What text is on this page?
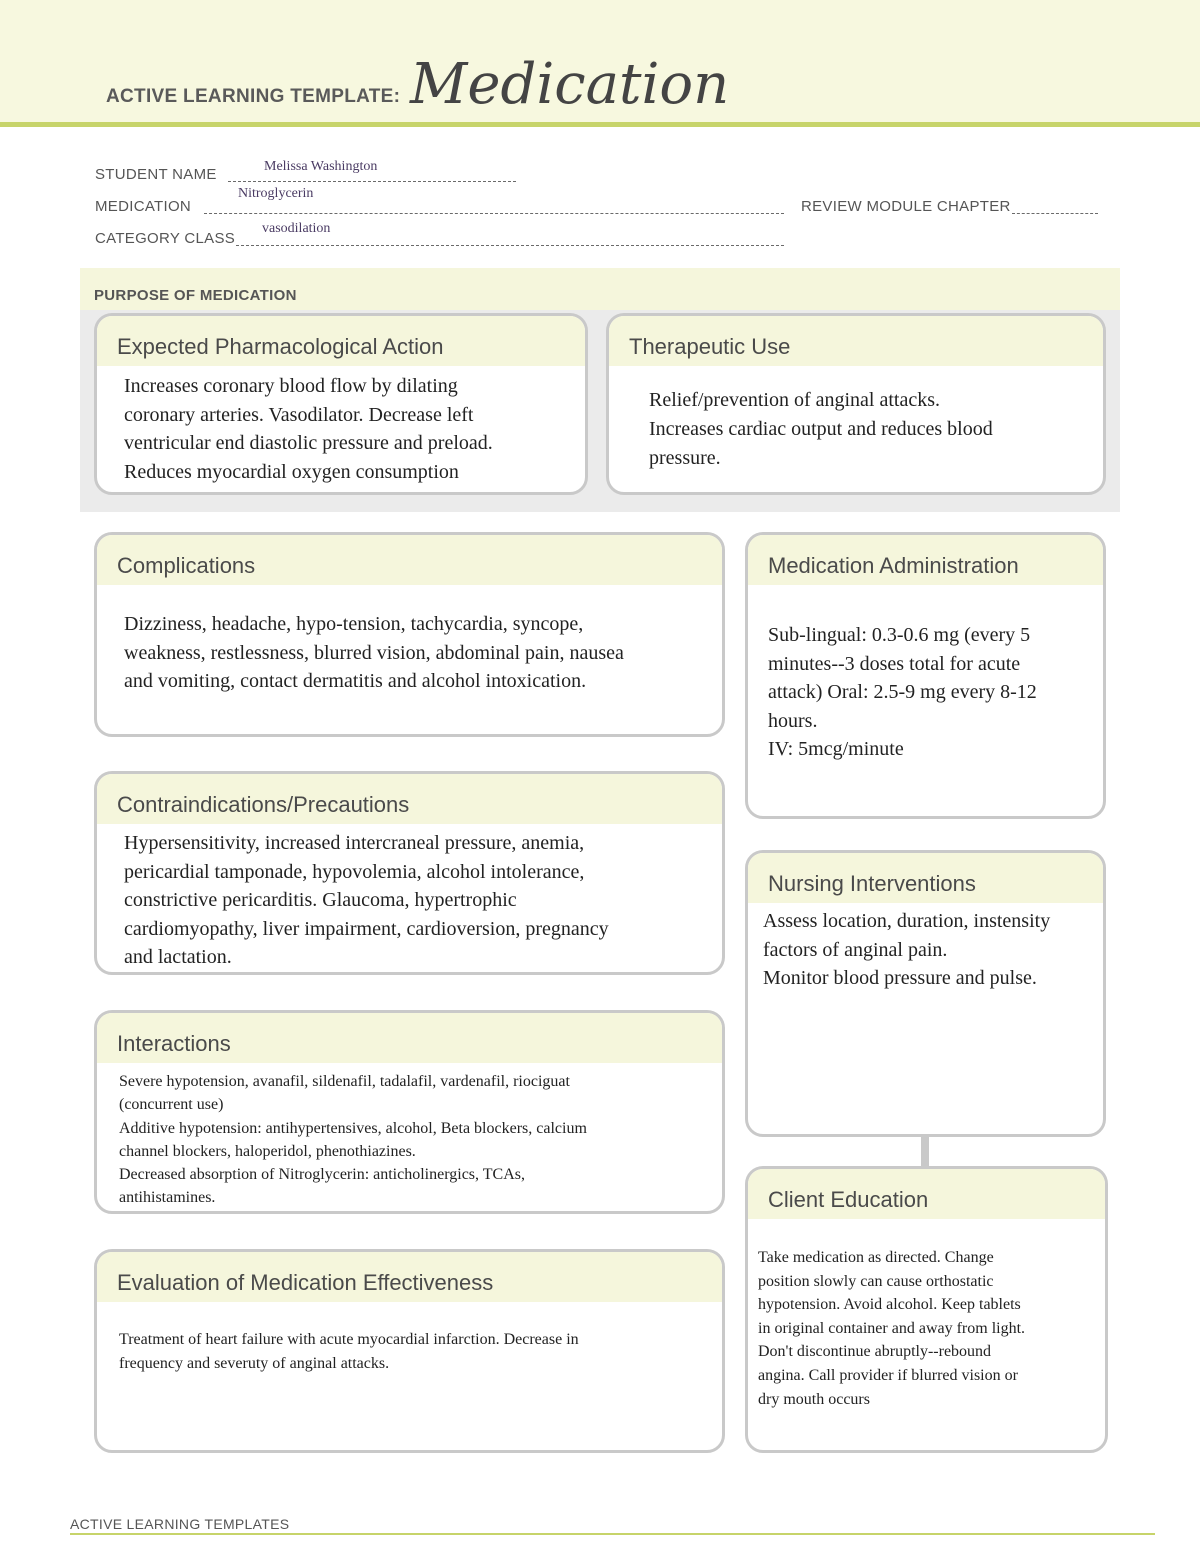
ACTIVE LEARNING TEMPLATE: Medication
STUDENT NAME	Melissa Washington
MEDICATION
Nitroglycerin
REVIEW MODULE CHAPTER
CATEGORY CLASS
vasodilation
PURPOSE OF MEDICATION
Expected Pharmacological Action
Increases coronary blood flow by dilating
coronary arteries. Vasodilator. Decrease left
ventricular end diastolic pressure and preload.
Reduces myocardial oxygen consumption
Therapeutic Use
Relief/prevention of anginal attacks.
Increases cardiac output and reduces blood
pressure.
Complications
Dizziness, headache, hypo-tension, tachycardia, syncope,
weakness, restlessness, blurred vision, abdominal pain, nausea
and vomiting, contact dermatitis and alcohol intoxication.
Medication Administration
Sub-lingual: 0.3-0.6 mg (every 5
minutes--3 doses total for acute
attack) Oral: 2.5-9 mg every 8-12
hours.
IV: 5mcg/minute
Contraindications/Precautions
Hypersensitivity, increased intercraneal pressure, anemia,
pericardial tamponade, hypovolemia, alcohol intolerance,
constrictive pericarditis. Glaucoma, hypertrophic
cardiomyopathy, liver impairment, cardioversion, pregnancy
and lactation.
Nursing Interventions
Assess location, duration, instensity
factors of anginal pain.
Monitor blood pressure and pulse.
Interactions
Severe hypotension, avanafil, sildenafil, tadalafil, vardenafil, riociguat
(concurrent use)
Additive hypotension: antihypertensives, alcohol, Beta blockers, calcium
channel blockers, haloperidol, phenothiazines.
Decreased absorption of Nitroglycerin: anticholinergics, TCAs,
antihistamines.	Client Education
Take medication as directed. Change
position slowly can cause orthostatic
hypotension. Avoid alcohol. Keep tablets
in original container and away from light.
Don't discontinue abruptly--rebound
angina. Call provider if blurred vision or
dry mouth occurs
Evaluation of Medication Effectiveness
Treatment of heart failure with acute myocardial infarction. Decrease in
frequency and severuty of anginal attacks.
ACTIVE LEARNING TEMPLATES
